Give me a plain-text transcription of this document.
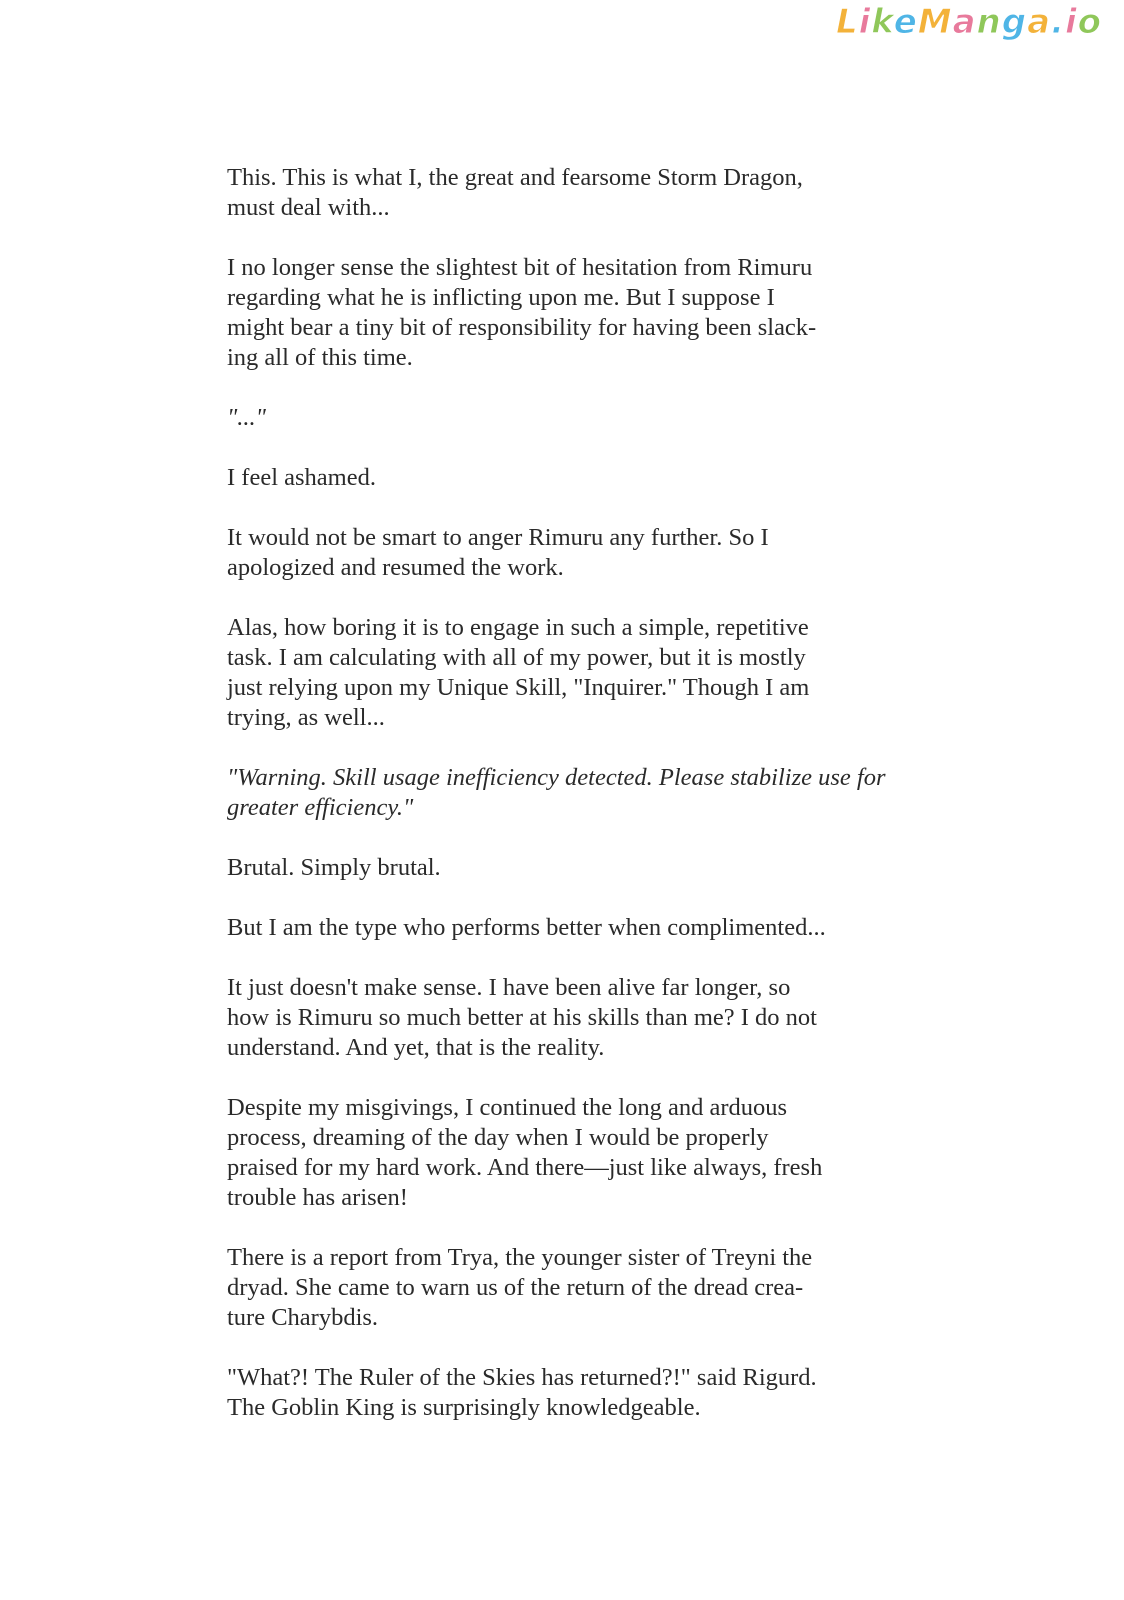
LikeManga.io

This. This is what I, the great and fearsome Storm Dragon,
must deal with...

I no longer sense the slightest bit of hesitation from Rimuru
regarding what he is inflicting upon me. But I suppose I
might bear a tiny bit of responsibility for having been slack-
ing all of this time.

"..."

I feel ashamed.

It would not be smart to anger Rimuru any further. So I
apologized and resumed the work.

Alas, how boring it is to engage in such a simple, repetitive
task. I am calculating with all of my power, but it is mostly
just relying upon my Unique Skill, "Inquirer." Though I am
trying, as well...

"Warning. Skill usage inefficiency detected. Please stabilize use for
greater efficiency."

Brutal. Simply brutal.

But I am the type who performs better when complimented...

It just doesn't make sense. I have been alive far longer, so
how is Rimuru so much better at his skills than me? I do not
understand. And yet, that is the reality.

Despite my misgivings, I continued the long and arduous
process, dreaming of the day when I would be properly
praised for my hard work. And there—just like always, fresh
trouble has arisen!

There is a report from Trya, the younger sister of Treyni the
dryad. She came to warn us of the return of the dread crea-
ture Charybdis.

"What?! The Ruler of the Skies has returned?!" said Rigurd.
The Goblin King is surprisingly knowledgeable.
